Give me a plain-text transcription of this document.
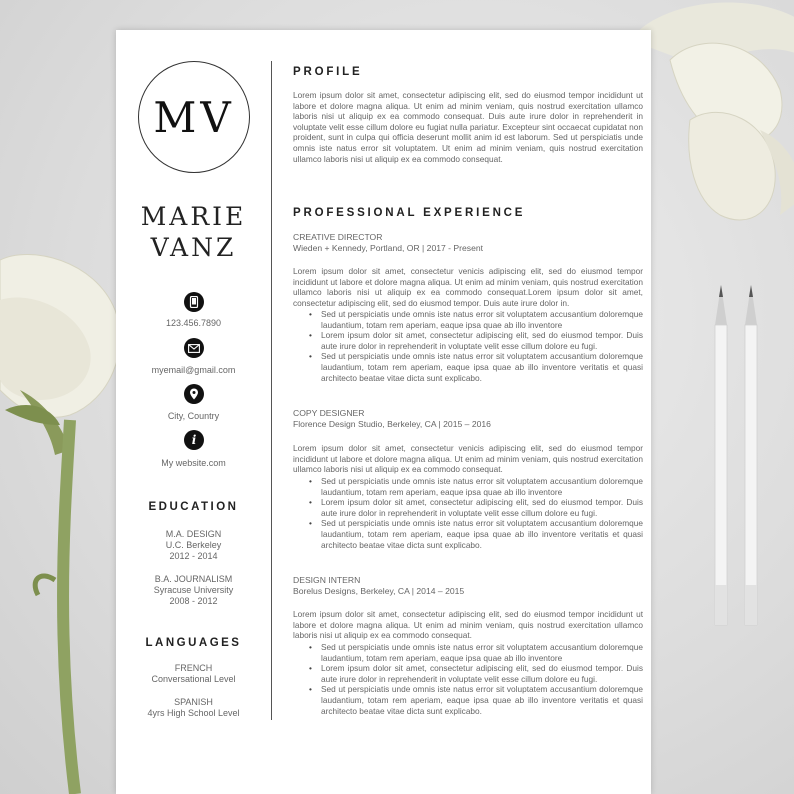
MV
MARIE
VANZ
123.456.7890
myemail@gmail.com
City, Country
i
My website.com
EDUCATION
M.A. DESIGN
U.C. Berkeley
2012 - 2014
B.A. JOURNALISM
Syracuse University
2008 - 2012
LANGUAGES
FRENCH
Conversational Level
SPANISH
4yrs High School Level
PROFILE
Lorem ipsum dolor sit amet, consectetur adipiscing elit, sed do eiusmod tempor incididunt ut labore et dolore magna aliqua. Ut enim ad minim veniam, quis nostrud exercitation ullamco laboris nisi ut aliquip ex ea commodo consequat. Duis aute irure dolor in reprehenderit in voluptate velit esse cillum dolore eu fugiat nulla pariatur. Excepteur sint occaecat cupidatat non proident, sunt in culpa qui officia deserunt mollit anim id est laborum. Sed ut perspiciatis unde omnis iste natus error sit voluptatem. Ut enim ad minim veniam, quis nostrud exercitation ullamco laboris nisi ut aliquip ex ea commodo consequat.
PROFESSIONAL EXPERIENCE
CREATIVE DIRECTOR
Wieden + Kennedy, Portland, OR | 2017 - Present
Lorem ipsum dolor sit amet, consectetur venicis adipiscing elit, sed do eiusmod tempor incididunt ut labore et dolore magna aliqua. Ut enim ad minim veniam, quis nostrud exercitation ullamco laboris nisi ut aliquip ex ea commodo consequat.Lorem ipsum dolor sit amet, consectetur adipiscing elit, sed do eiusmod tempor. Duis aute irure dolor in.
• Sed ut perspiciatis unde omnis iste natus error sit voluptatem accusantium doloremque laudantium, totam rem aperiam, eaque ipsa quae ab illo inventore
• Lorem ipsum dolor sit amet, consectetur adipiscing elit, sed do eiusmod tempor. Duis aute irure dolor in reprehenderit in voluptate velit esse cillum dolore eu fugi.
• Sed ut perspiciatis unde omnis iste natus error sit voluptatem accusantium doloremque laudantium, totam rem aperiam, eaque ipsa quae ab illo inventore veritatis et quasi architecto beatae vitae dicta sunt explicabo.
COPY DESIGNER
Florence Design Studio, Berkeley, CA | 2015 – 2016
Lorem ipsum dolor sit amet, consectetur venicis adipiscing elit, sed do eiusmod tempor incididunt ut labore et dolore magna aliqua. Ut enim ad minim veniam, quis nostrud exercitation ullamco laboris nisi ut aliquip ex ea commodo consequat.
• Sed ut perspiciatis unde omnis iste natus error sit voluptatem accusantium doloremque laudantium, totam rem aperiam, eaque ipsa quae ab illo inventore
• Lorem ipsum dolor sit amet, consectetur adipiscing elit, sed do eiusmod tempor. Duis aute irure dolor in reprehenderit in voluptate velit esse cillum dolore eu fugi.
• Sed ut perspiciatis unde omnis iste natus error sit voluptatem accusantium doloremque laudantium, totam rem aperiam, eaque ipsa quae ab illo inventore veritatis et quasi architecto beatae vitae dicta sunt explicabo.
DESIGN INTERN
Borelus Designs, Berkeley, CA | 2014 – 2015
Lorem ipsum dolor sit amet, consectetur adipiscing elit, sed do eiusmod tempor incididunt ut labore et dolore magna aliqua. Ut enim ad minim veniam, quis nostrud exercitation ullamco laboris nisi ut aliquip ex ea commodo consequat.
• Sed ut perspiciatis unde omnis iste natus error sit voluptatem accusantium doloremque laudantium, totam rem aperiam, eaque ipsa quae ab illo inventore
• Lorem ipsum dolor sit amet, consectetur adipiscing elit, sed do eiusmod tempor. Duis aute irure dolor in reprehenderit in voluptate velit esse cillum dolore eu fugi.
• Sed ut perspiciatis unde omnis iste natus error sit voluptatem accusantium doloremque laudantium, totam rem aperiam, eaque ipsa quae ab illo inventore veritatis et quasi architecto beatae vitae dicta sunt explicabo.
